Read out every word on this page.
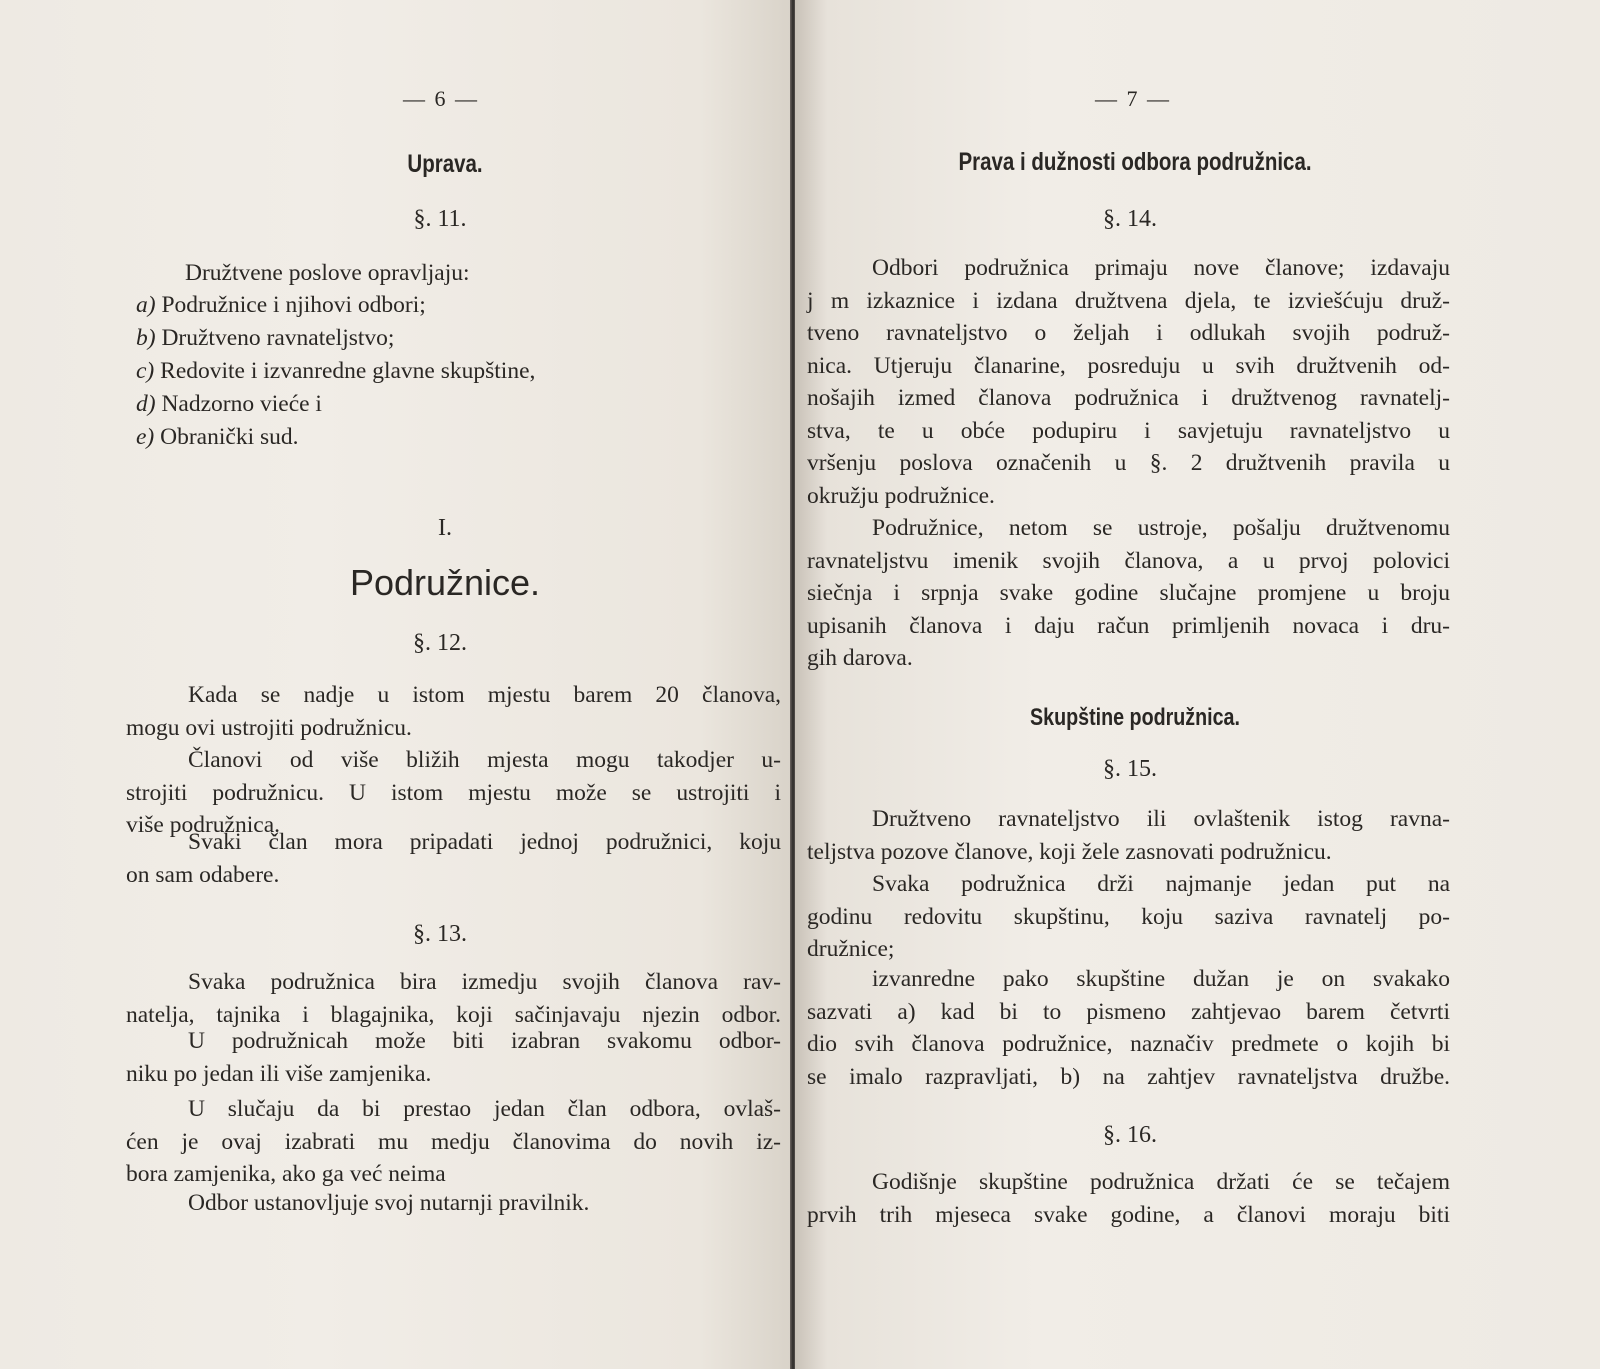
— 6 —
Uprava.
§. 11.
Družtvene poslove opravljaju:
a) Podružnice i njihovi odbori;
b) Družtveno ravnateljstvo;
c) Redovite i izvanredne glavne skupštine,
d) Nadzorno vieće i
e) Obranički sud.
I.
Podružnice.
§. 12.
Kada se nadje u istom mjestu barem 20 članova,
mogu ovi ustrojiti podružnicu.
Članovi od više bližih mjesta mogu takodjer u-
strojiti podružnicu. U istom mjestu može se ustrojiti i
više podružnica.
Svaki član mora pripadati jednoj podružnici, koju
on sam odabere.
§. 13.
Svaka podružnica bira izmedju svojih članova rav-
natelja, tajnika i blagajnika, koji sačinjavaju njezin odbor.
U podružnicah može biti izabran svakomu odbor-
niku po jedan ili više zamjenika.
U slučaju da bi prestao jedan član odbora, ovlaš-
ćen je ovaj izabrati mu medju članovima do novih iz-
bora zamjenika, ako ga već neima
Odbor ustanovljuje svoj nutarnji pravilnik.
— 7 —
Prava i dužnosti odbora podružnica.
§. 14.
Odbori podružnica primaju nove članove; izdavaju
j m izkaznice i izdana družtvena djela, te izviešćuju druž-
tveno ravnateljstvo o željah i odlukah svojih podruž-
nica. Utjeruju članarine, posreduju u svih družtvenih od-
nošajih izmed članova podružnica i družtvenog ravnatelj-
stva, te u obće podupiru i savjetuju ravnateljstvo u
vršenju poslova označenih u §. 2 družtvenih pravila u
okružju podružnice.
Podružnice, netom se ustroje, pošalju družtvenomu
ravnateljstvu imenik svojih članova, a u prvoj polovici
siečnja i srpnja svake godine slučajne promjene u broju
upisanih članova i daju račun primljenih novaca i dru-
gih darova.
Skupštine podružnica.
§. 15.
Družtveno ravnateljstvo ili ovlaštenik istog ravna-
teljstva pozove članove, koji žele zasnovati podružnicu.
Svaka podružnica drži najmanje jedan put na
godinu redovitu skupštinu, koju saziva ravnatelj po-
družnice;
izvanredne pako skupštine dužan je on svakako
sazvati a) kad bi to pismeno zahtjevao barem četvrti
dio svih članova podružnice, naznačiv predmete o kojih bi
se imalo razpravljati, b) na zahtjev ravnateljstva družbe.
§. 16.
Godišnje skupštine podružnica držati će se tečajem
prvih trih mjeseca svake godine, a članovi moraju biti
